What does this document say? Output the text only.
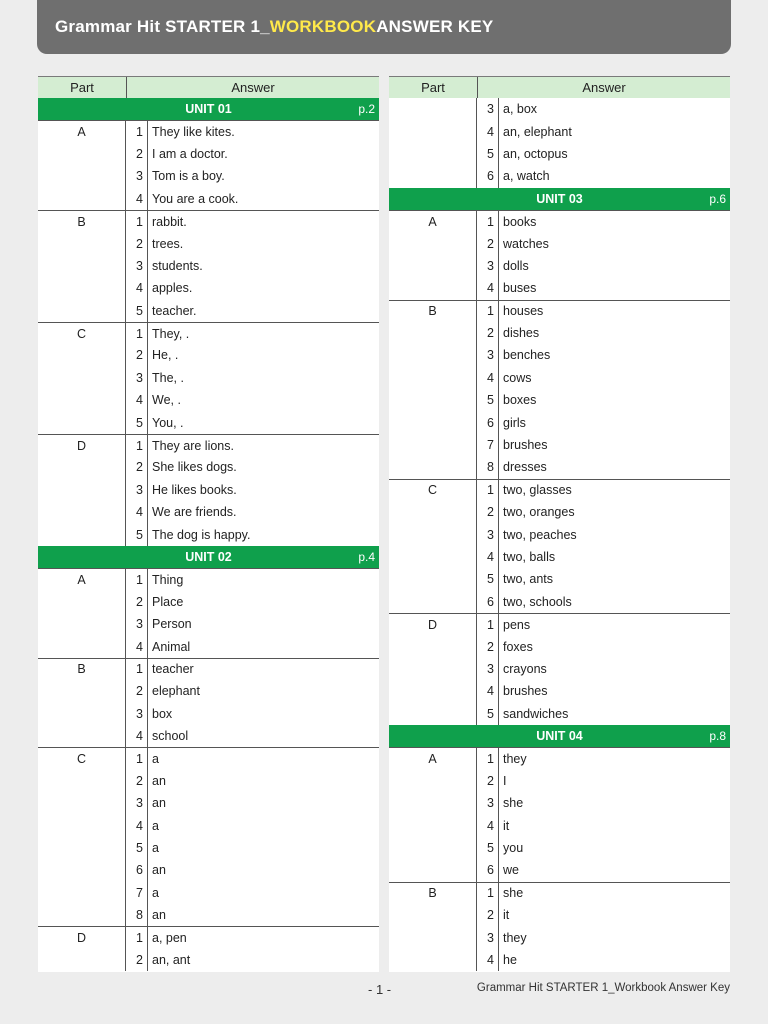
Grammar Hit STARTER 1_ WORKBOOK ANSWER KEY
Part	Answer
UNIT 01	p.2
A	1 They like kites.
2 I am a doctor.
3 Tom is a boy.
4 You are a cook.
B	1 rabbit.
2 trees.
3 students.
4 apples.
5 teacher.
C	1 They, .
2 He, .
3 The, .
4 We, .
5 You, .
D	1 They are lions.
2 She likes dogs.
3 He likes books.
4 We are friends.
5 The dog is happy.
UNIT 02	p.4
A	1 Thing
2 Place
3 Person
4 Animal
B	1 teacher
2 elephant
3 box
4 school
C	1 a
2 an
3 an
4 a
5 a
6 an
7 a
8 an
D	1 a, pen
2 an, ant
Part	Answer
3 a, box
4 an, elephant
5 an, octopus
6 a, watch
UNIT 03	p.6
A	1 books
2 watches
3 dolls
4 buses
B	1 houses
2 dishes
3 benches
4 cows
5 boxes
6 girls
7 brushes
8 dresses
C	1 two, glasses
2 two, oranges
3 two, peaches
4 two, balls
5 two, ants
6 two, schools
D	1 pens
2 foxes
3 crayons
4 brushes
5 sandwiches
UNIT 04	p.8
A	1 they
2 I
3 she
4 it
5 you
6 we
B	1 she
2 it
3 they
4 he
- 1 -	Grammar Hit STARTER 1_Workbook Answer Key
